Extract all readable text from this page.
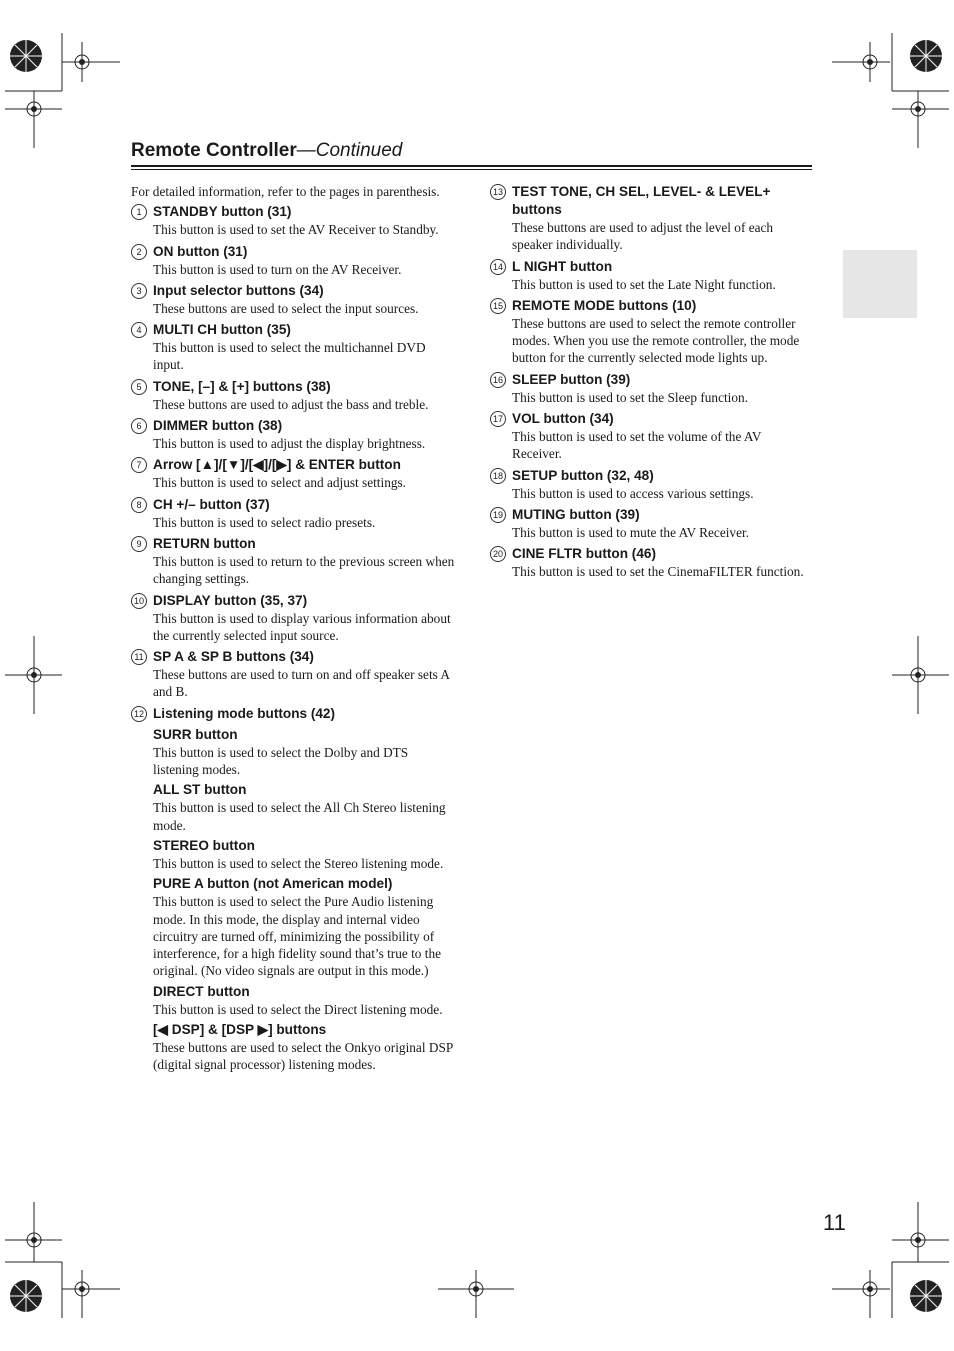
Remote Controller—Continued
For detailed information, refer to the pages in parenthesis.
1 STANDBY button (31)
This button is used to set the AV Receiver to Standby.
2 ON button (31)
This button is used to turn on the AV Receiver.
3 Input selector buttons (34)
These buttons are used to select the input sources.
4 MULTI CH button (35)
This button is used to select the multichannel DVD input.
5 TONE, [–] & [+] buttons (38)
These buttons are used to adjust the bass and treble.
6 DIMMER button (38)
This button is used to adjust the display brightness.
7 Arrow [▲]/[▼]/[◀]/[▶] & ENTER button
This button is used to select and adjust settings.
8 CH +/– button (37)
This button is used to select radio presets.
9 RETURN button
This button is used to return to the previous screen when changing settings.
10 DISPLAY button (35, 37)
This button is used to display various information about the currently selected input source.
11 SP A & SP B buttons (34)
These buttons are used to turn on and off speaker sets A and B.
12 Listening mode buttons (42)
SURR button
This button is used to select the Dolby and DTS listening modes.
ALL ST button
This button is used to select the All Ch Stereo listening mode.
STEREO button
This button is used to select the Stereo listening mode.
PURE A button (not American model)
This button is used to select the Pure Audio listening mode. In this mode, the display and internal video circuitry are turned off, minimizing the possibility of interference, for a high fidelity sound that’s true to the original. (No video signals are output in this mode.)
DIRECT button
This button is used to select the Direct listening mode.
[◀ DSP] & [DSP ▶] buttons
These buttons are used to select the Onkyo original DSP (digital signal processor) listening modes.
13 TEST TONE, CH SEL, LEVEL- & LEVEL+ buttons
These buttons are used to adjust the level of each speaker individually.
14 L NIGHT button
This button is used to set the Late Night function.
15 REMOTE MODE buttons (10)
These buttons are used to select the remote controller modes. When you use the remote controller, the mode button for the currently selected mode lights up.
16 SLEEP button (39)
This button is used to set the Sleep function.
17 VOL button (34)
This button is used to set the volume of the AV Receiver.
18 SETUP button (32, 48)
This button is used to access various settings.
19 MUTING button (39)
This button is used to mute the AV Receiver.
20 CINE FLTR button (46)
This button is used to set the CinemaFILTER function.
11
